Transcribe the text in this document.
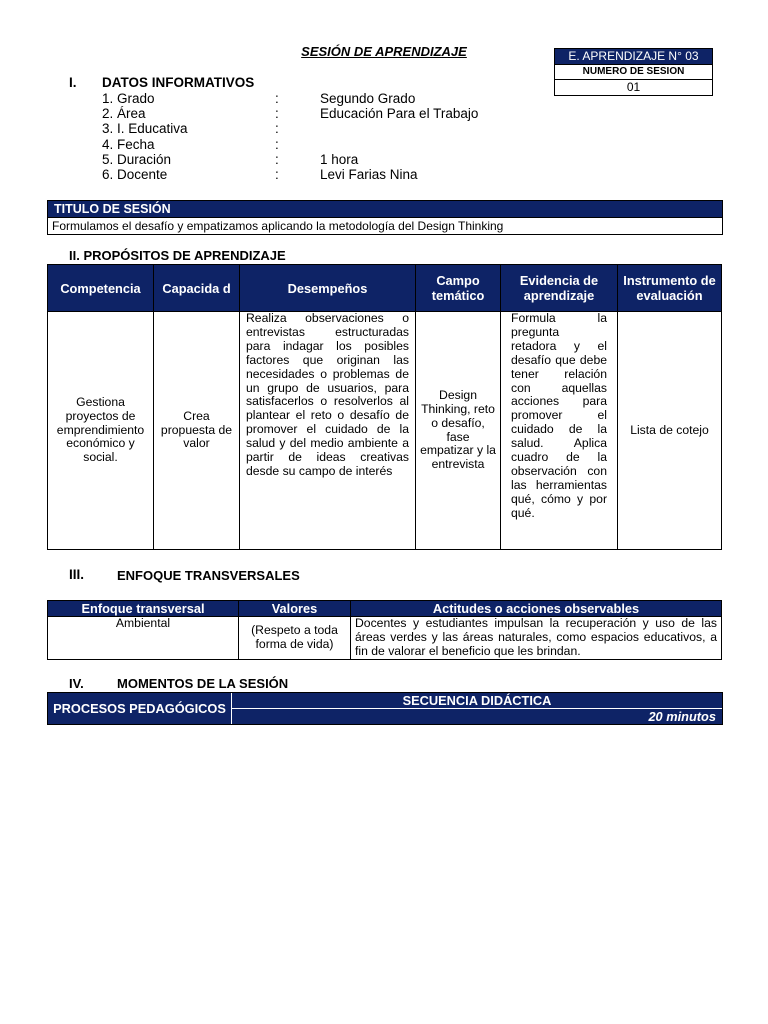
SESIÓN DE APRENDIZAJE	E. APRENDIZAJE N° 03
NUMERO DE SESION
01
I. DATOS INFORMATIVOS
1. Grado	:	Segundo Grado
2. Área	:	Educación Para el Trabajo
3. I. Educativa	:
4. Fecha	:
5. Duración	:	1 hora
6. Docente	:	Levi Farias Nina
TITULO DE SESIÓN
Formulamos el desafío y empatizamos aplicando la metodología del Design Thinking
II. PROPÓSITOS DE APRENDIZAJE
Competencia	Capacida d	Desempeños	Campo temático	Evidencia de aprendizaje	Instrumento de evaluación
Gestiona proyectos de emprendimiento económico y social.	Crea propuesta de valor	Realiza observaciones o entrevistas estructuradas para indagar los posibles factores que originan las necesidades o problemas de un grupo de usuarios, para satisfacerlos o resolverlos al plantear el reto o desafío de promover el cuidado de la salud y del medio ambiente a partir de ideas creativas desde su campo de interés	Design Thinking, reto o desafío, fase empatizar y la entrevista	Formula la pregunta retadora y el desafío que debe tener relación con aquellas acciones para promover el cuidado de la salud. Aplica cuadro de la observación con las herramientas qué, cómo y por qué.	Lista de cotejo
III.	ENFOQUE TRANSVERSALES
Enfoque transversal	Valores	Actitudes o acciones observables
Ambiental	(Respeto a toda forma de vida)	Docentes y estudiantes impulsan la recuperación y uso de las áreas verdes y las áreas naturales, como espacios educativos, a fin de valorar el beneficio que les brindan.
IV.	MOMENTOS DE LA SESIÓN
PROCESOS PEDAGÓGICOS
SECUENCIA DIDÁCTICA
20 minutos
